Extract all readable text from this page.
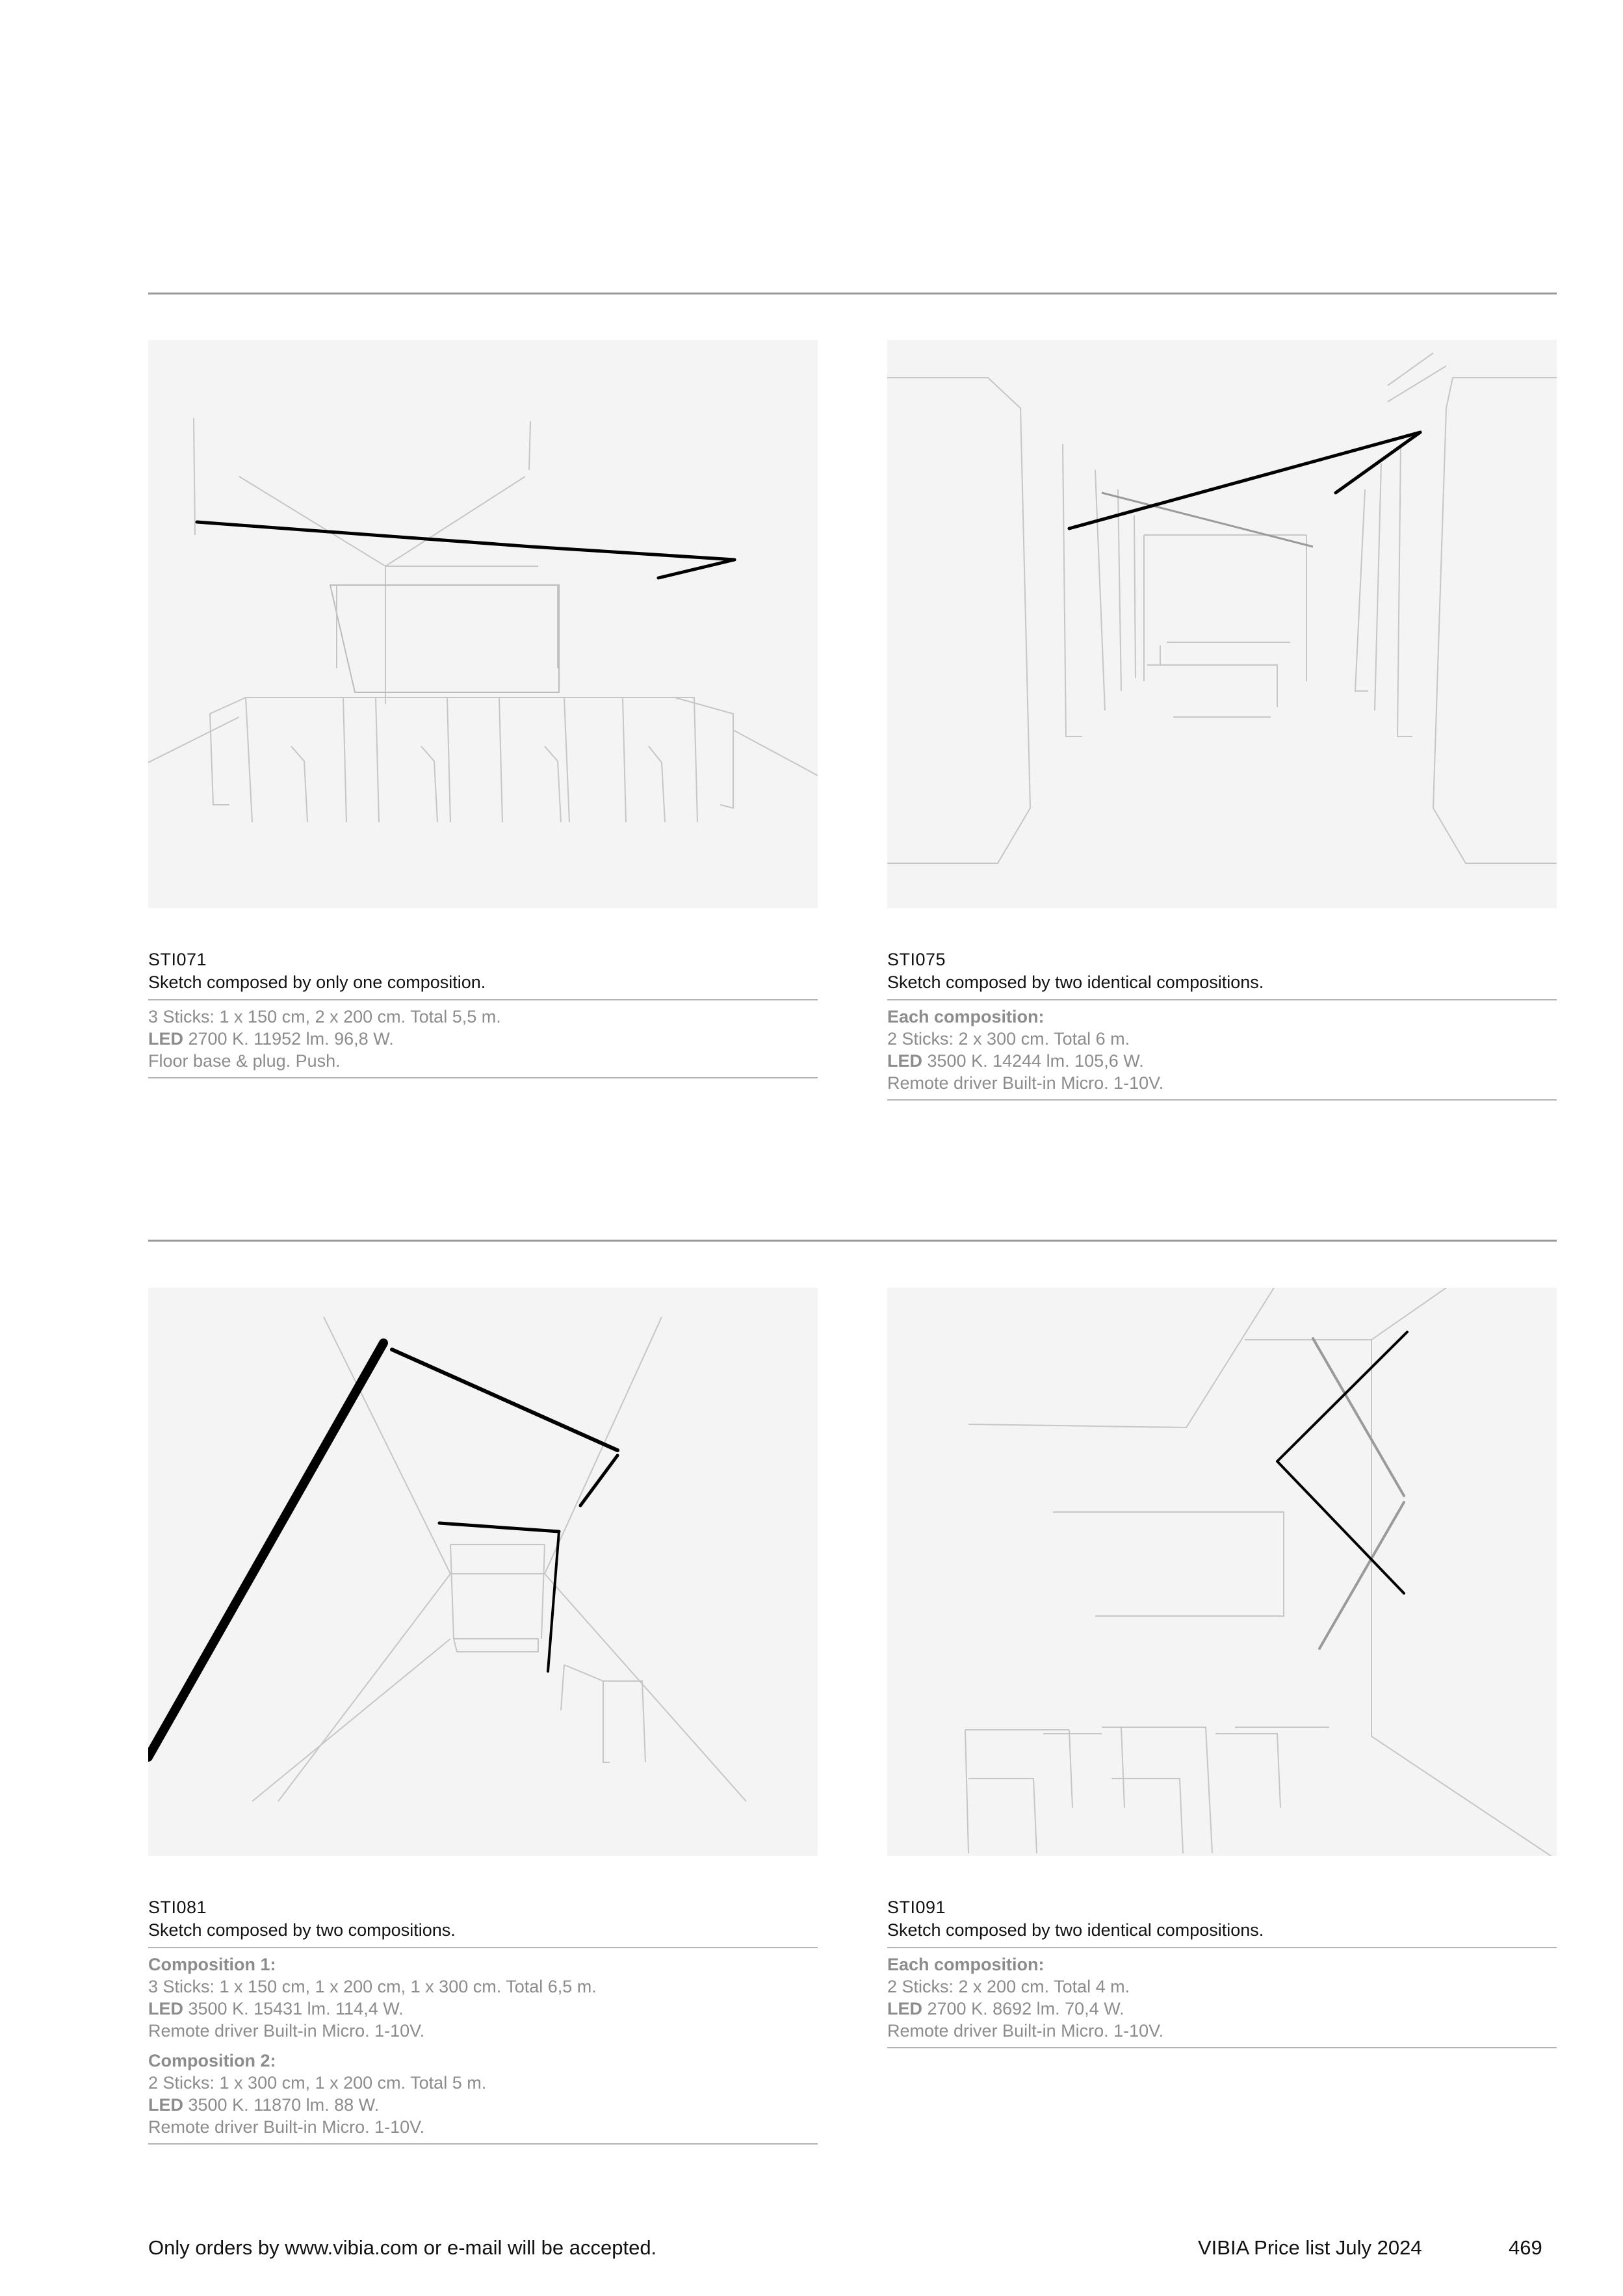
STI071
Sketch composed by only one composition.
3 Sticks: 1 x 150 cm, 2 x 200 cm. Total 5,5 m.
LED 2700 K. 11952 lm. 96,8 W.
Floor base & plug. Push.
STI075
Sketch composed by two identical compositions.
Each composition:
2 Sticks: 2 x 300 cm. Total 6 m.
LED 3500 K. 14244 lm. 105,6 W.
Remote driver Built-in Micro. 1-10V.
STI081
Sketch composed by two compositions.
Composition 1:
3 Sticks: 1 x 150 cm, 1 x 200 cm, 1 x 300 cm. Total 6,5 m.
LED 3500 K. 15431 lm. 114,4 W.
Remote driver Built-in Micro. 1-10V.
Composition 2:
2 Sticks: 1 x 300 cm, 1 x 200 cm. Total 5 m.
LED 3500 K. 11870 lm. 88 W.
Remote driver Built-in Micro. 1-10V.
STI091
Sketch composed by two identical compositions.
Each composition:
2 Sticks: 2 x 200 cm. Total 4 m.
LED 2700 K. 8692 lm. 70,4 W.
Remote driver Built-in Micro. 1-10V.
Only orders by www.vibia.com or e-mail will be accepted.	VIBIA Price list July 2024	469
